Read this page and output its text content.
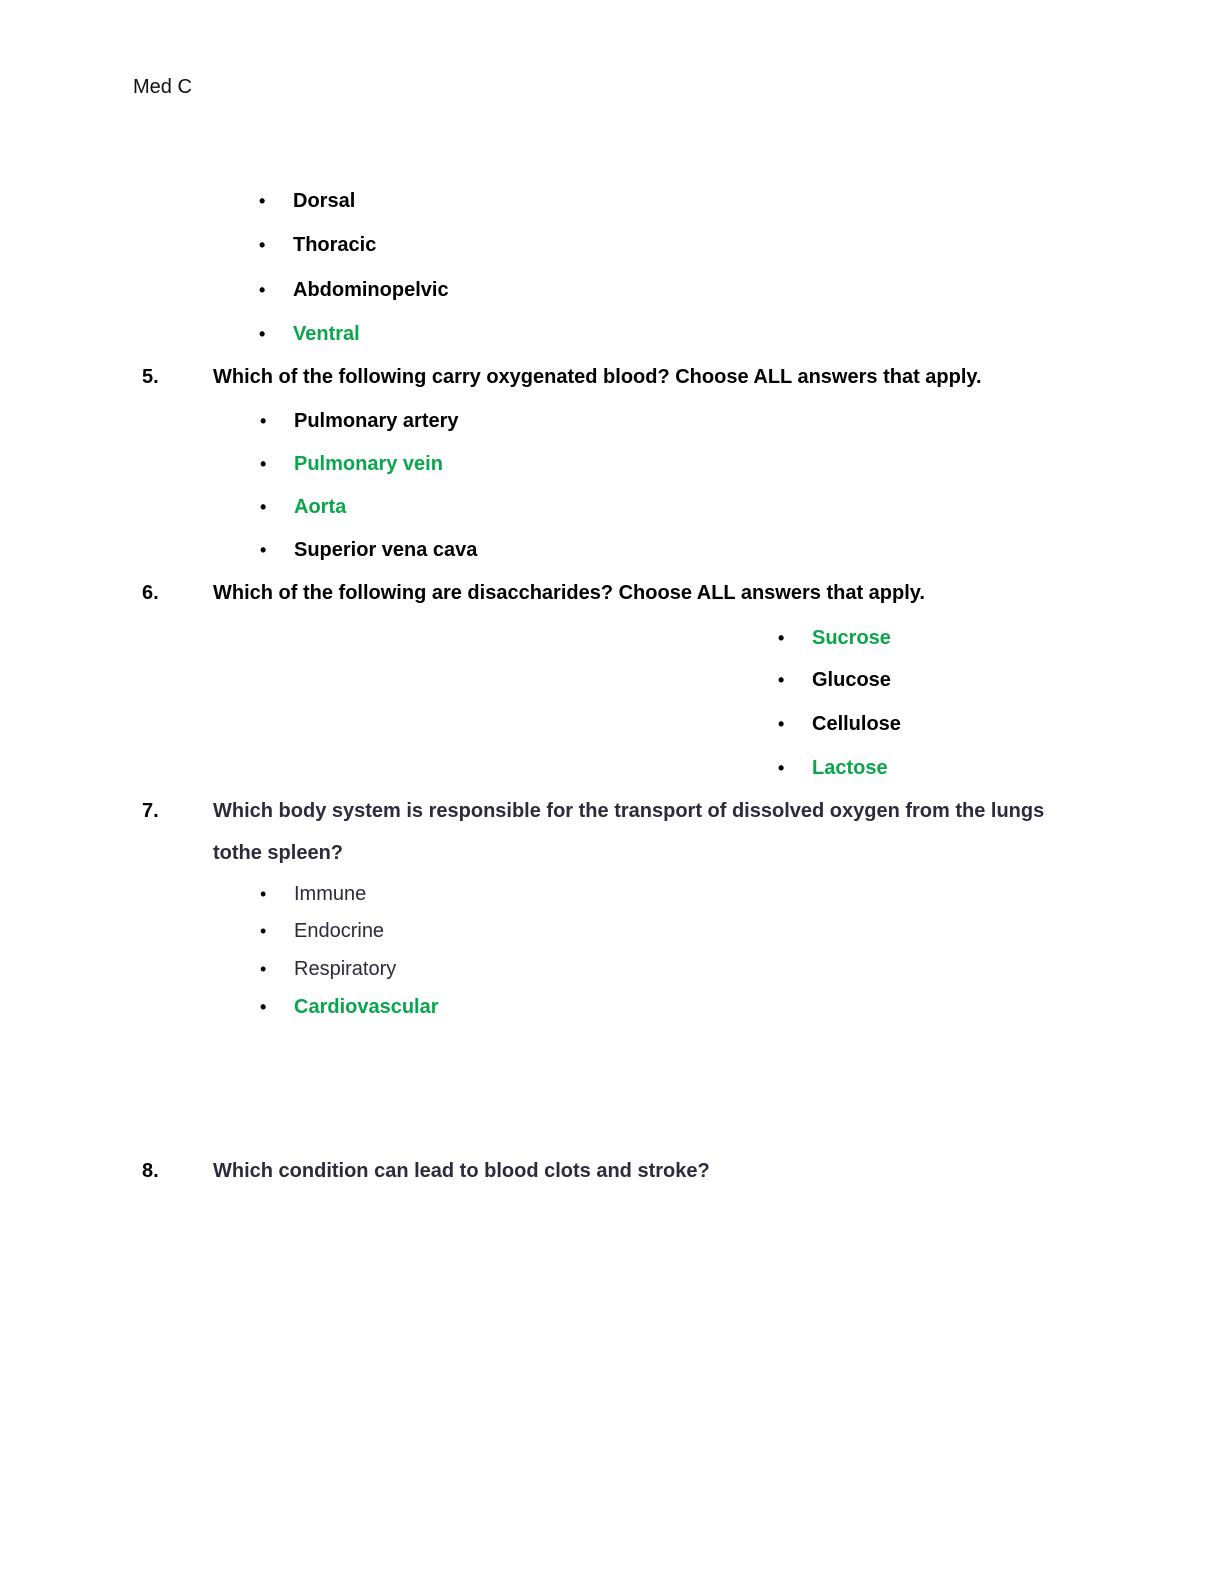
Med C
• Dorsal
• Thoracic
• Abdominopelvic
• Ventral
5.	Which of the following carry oxygenated blood? Choose ALL answers that apply.
• Pulmonary artery
• Pulmonary vein
• Aorta
• Superior vena cava
6.	Which of the following are disaccharides? Choose ALL answers that apply.
• Sucrose
• Glucose
• Cellulose
• Lactose
7.	Which body system is responsible for the transport of dissolved oxygen from the lungs
tothe spleen?
• Immune
• Endocrine
• Respiratory
• Cardiovascular
8.	Which condition can lead to blood clots and stroke?
